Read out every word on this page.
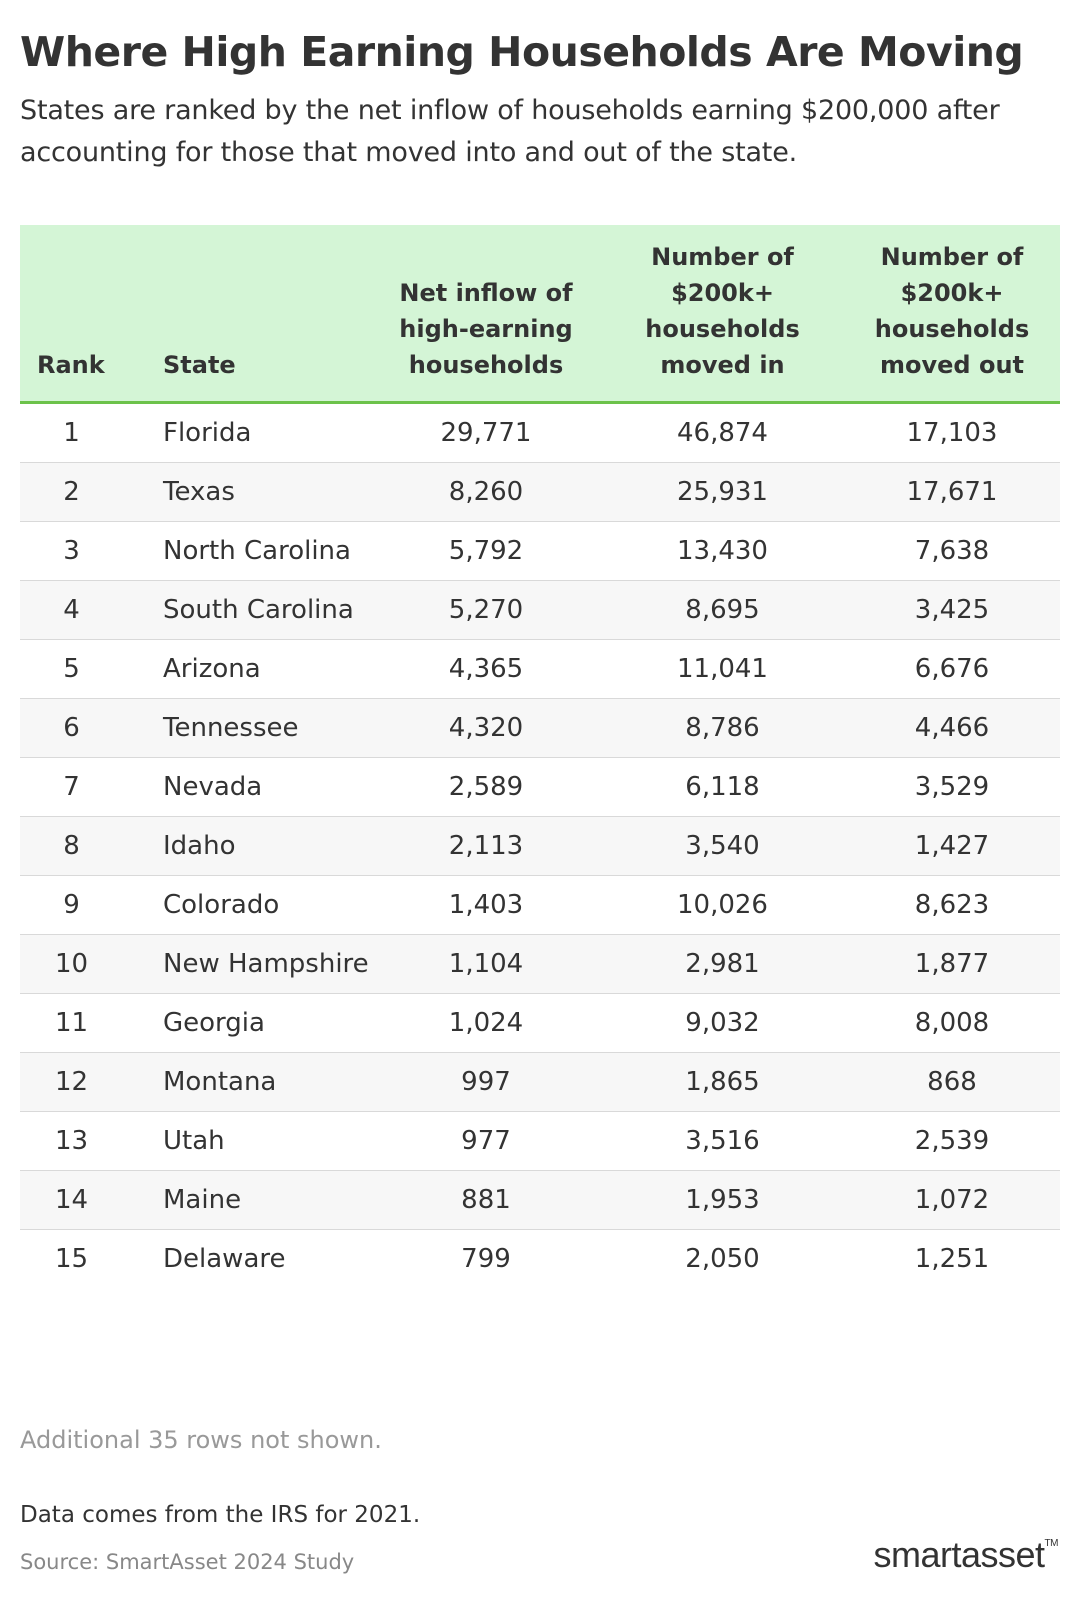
Where High Earning Households Are Moving

States are ranked by the net inflow of households earning $200,000 after accounting for those that moved into and out of the state.

Rank	State	Net inflow of high-earning households	Number of $200k+ households moved in	Number of $200k+ households moved out
1	Florida	29,771	46,874	17,103
2	Texas	8,260	25,931	17,671
3	North Carolina	5,792	13,430	7,638
4	South Carolina	5,270	8,695	3,425
5	Arizona	4,365	11,041	6,676
6	Tennessee	4,320	8,786	4,466
7	Nevada	2,589	6,118	3,529
8	Idaho	2,113	3,540	1,427
9	Colorado	1,403	10,026	8,623
10	New Hampshire	1,104	2,981	1,877
11	Georgia	1,024	9,032	8,008
12	Montana	997	1,865	868
13	Utah	977	3,516	2,539
14	Maine	881	1,953	1,072
15	Delaware	799	2,050	1,251
Additional 35 rows not shown.
Data comes from the IRS for 2021.
Source: SmartAsset 2024 Study	smartasset™
